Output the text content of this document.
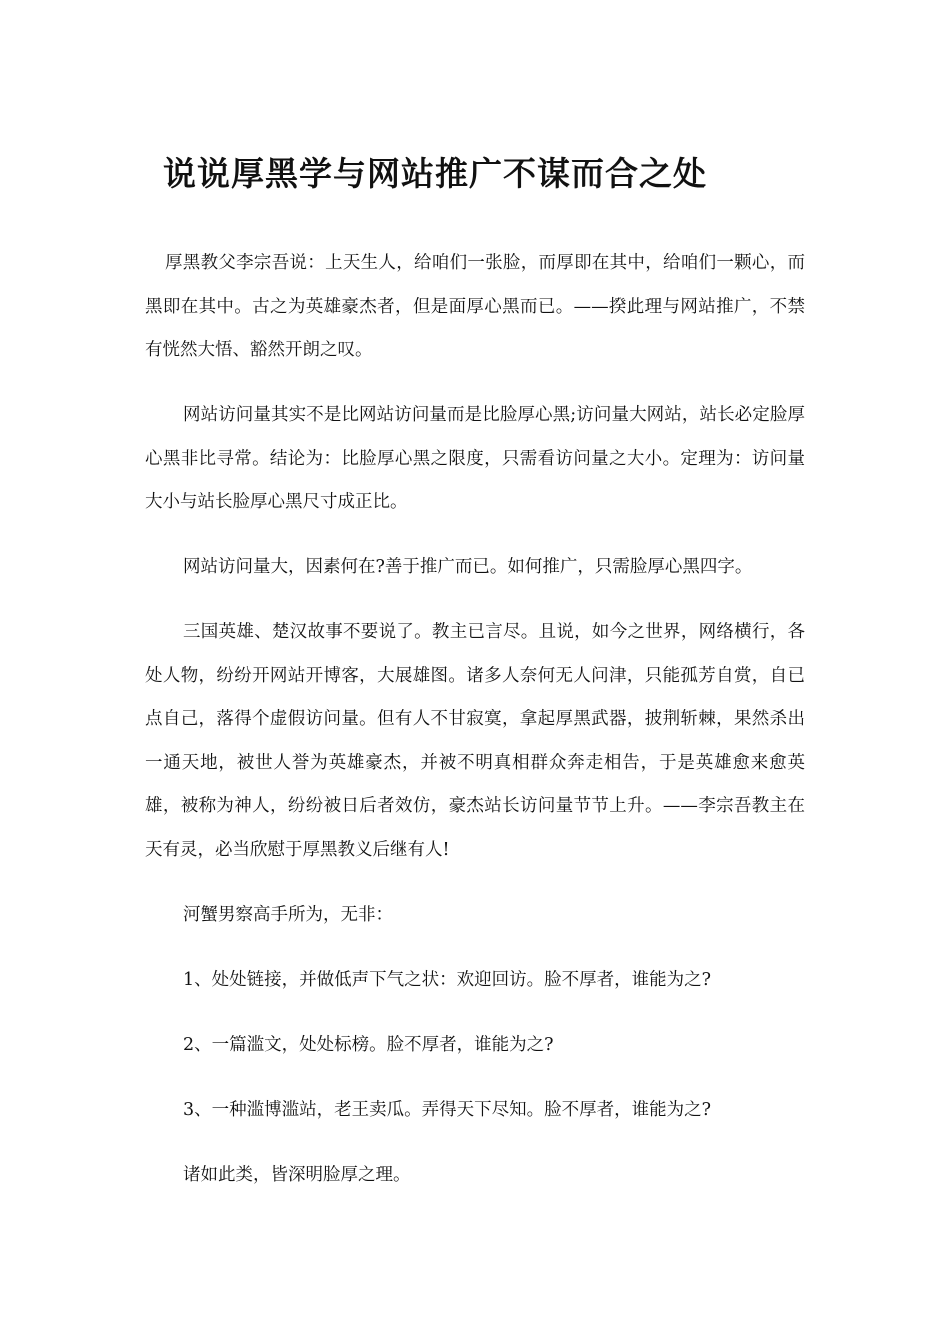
说说厚黑学与网站推广不谋而合之处

厚黑教父李宗吾说：上天生人，给咱们一张脸，而厚即在其中，给咱们一颗心，而黑即在其中。古之为英雄豪杰者，但是面厚心黑而已。——揆此理与网站推广，不禁有恍然大悟、豁然开朗之叹。

网站访问量其实不是比网站访问量而是比脸厚心黑;访问量大网站，站长必定脸厚心黑非比寻常。结论为：比脸厚心黑之限度，只需看访问量之大小。定理为：访问量大小与站长脸厚心黑尺寸成正比。

网站访问量大，因素何在?善于推广而已。如何推广，只需脸厚心黑四字。

三国英雄、楚汉故事不要说了。教主已言尽。且说，如今之世界，网络横行，各处人物，纷纷开网站开博客，大展雄图。诸多人奈何无人问津，只能孤芳自赏，自已点自己，落得个虚假访问量。但有人不甘寂寞，拿起厚黑武器，披荆斩棘，果然杀出一通天地，被世人誉为英雄豪杰，并被不明真相群众奔走相告，于是英雄愈来愈英雄，被称为神人，纷纷被日后者效仿，豪杰站长访问量节节上升。——李宗吾教主在天有灵，必当欣慰于厚黑教义后继有人!

河蟹男察高手所为，无非：

1、处处链接，并做低声下气之状：欢迎回访。脸不厚者，谁能为之?

2、一篇滥文，处处标榜。脸不厚者，谁能为之?

3、一种滥博滥站，老王卖瓜。弄得天下尽知。脸不厚者，谁能为之?

诸如此类，皆深明脸厚之理。
